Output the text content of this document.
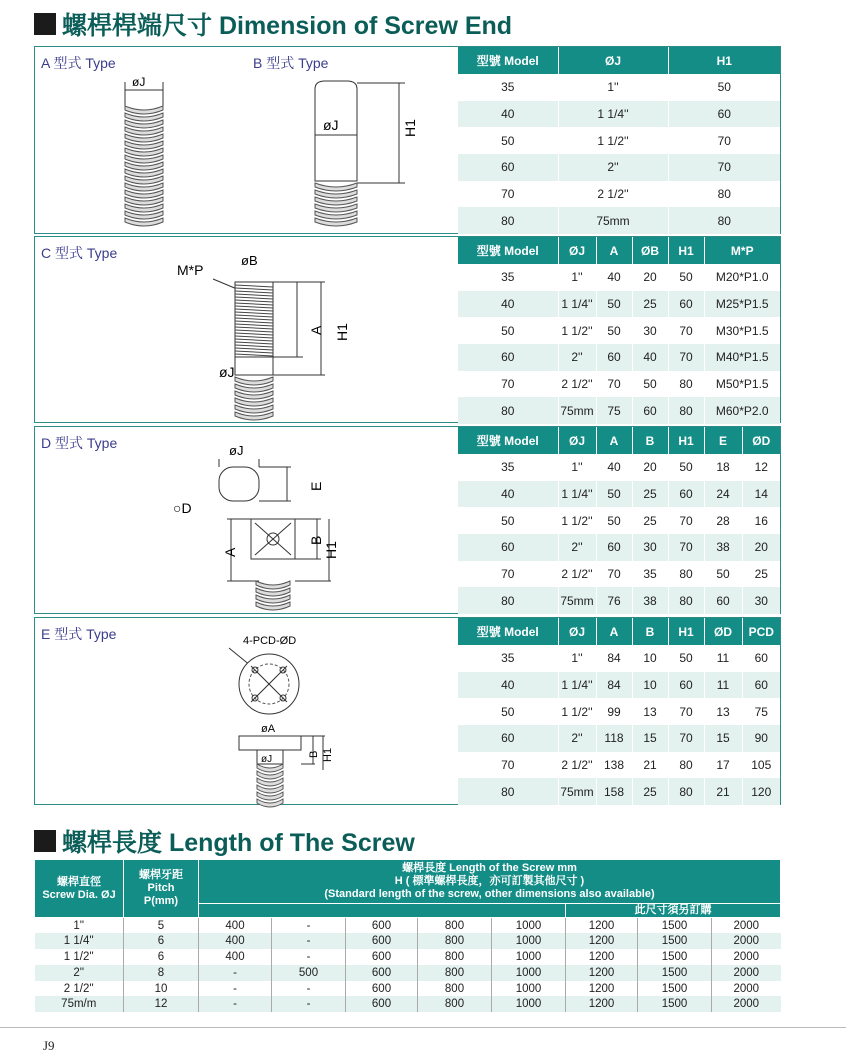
螺桿桿端尺寸 Dimension of Screw End
A 型式 Type	B 型式 Type
øJ
H1
øJ
型號 Model	ØJ	H1
35	1''	50
40	1 1/4''	60
50	1 1/2''	70
60	2''	70
70	2 1/2''	80
80	75mm	80
C 型式 Type
M*P
øB
A H1
øJ
型號 Model	ØJ	A	ØB	H1	M*P
35	1''	40	20	50	M20*P1.0
40	1 1/4''	50	25	60	M25*P1.5
50	1 1/2''	50	30	70	M30*P1.5
60	2''	60	40	70	M40*P1.5
70	2 1/2''	70	50	80	M50*P1.5
80	75mm	75	60	80	M60*P2.0
D 型式 Type	øJ
E
○D
A
B
H1
型號 Model	ØJ	A	B	H1	E	ØD
35	1''	40	20	50	18	12
40	1 1/4''	50	25	60	24	14
50	1 1/2''	50	25	70	28	16
60	2''	60	30	70	38	20
70	2 1/2''	70	35	80	50	25
80	75mm	76	38	80	60	30
E 型式 Type	4-PCD-ØD
øA
øJ	B H1
型號 Model	ØJ	A	B	H1	ØD	PCD
35	1''	84	10	50	11	60
40	1 1/4''	84	10	60	11	60
50	1 1/2''	99	13	70	13	75
60	2''	118	15	70	15	90
70	2 1/2''	138	21	80	17	105
80	75mm	158	25	80	21	120
螺桿長度 Length of The Screw
螺桿直徑
Screw Dia. ØJ	螺桿牙距
Pitch
P(mm)	螺桿長度 Length of the Screw mm
H ( 標準螺桿長度，亦可訂製其他尺寸 )
(Standard length of the screw, other dimensions also available)							
							此尺寸須另訂購		
1''	5	400	-	600	800	1000	1200	1500	2000
1 1/4''	6	400	-	600	800	1000	1200	1500	2000
1 1/2''	6	400	-	600	800	1000	1200	1500	2000
2''	8	-	500	600	800	1000	1200	1500	2000
2 1/2''	10	-	-	600	800	1000	1200	1500	2000
75m/m	12	-	-	600	800	1000	1200	1500	2000
J9
